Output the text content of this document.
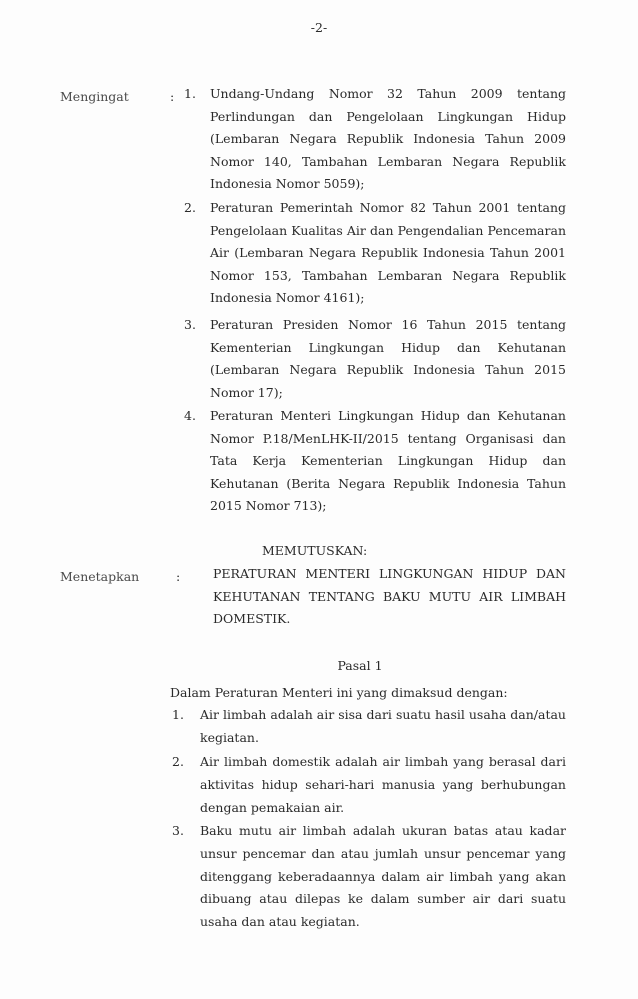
-2-
Mengingat	: 1. Undang-Undang Nomor 32 Tahun 2009 tentang Perlindungan dan Pengelolaan Lingkungan Hidup (Lembaran Negara Republik Indonesia Tahun 2009 Nomor 140, Tambahan Lembaran Negara Republik Indonesia Nomor 5059);
2. Peraturan Pemerintah Nomor 82 Tahun 2001 tentang Pengelolaan Kualitas Air dan Pengendalian Pencemaran Air (Lembaran Negara Republik Indonesia Tahun 2001 Nomor 153, Tambahan Lembaran Negara Republik Indonesia Nomor 4161);
3. Peraturan Presiden Nomor 16 Tahun 2015 tentang Kementerian Lingkungan Hidup dan Kehutanan (Lembaran Negara Republik Indonesia Tahun 2015 Nomor 17);
4. Peraturan Menteri Lingkungan Hidup dan Kehutanan Nomor P.18/MenLHK-II/2015 tentang Organisasi dan Tata Kerja Kementerian Lingkungan Hidup dan Kehutanan (Berita Negara Republik Indonesia Tahun 2015 Nomor 713);
MEMUTUSKAN:
Menetapkan	:	PERATURAN MENTERI LINGKUNGAN HIDUP DAN KEHUTANAN TENTANG BAKU MUTU AIR LIMBAH DOMESTIK.
Pasal 1
Dalam Peraturan Menteri ini yang dimaksud dengan:
1. Air limbah adalah air sisa dari suatu hasil usaha dan/atau kegiatan.
2. Air limbah domestik adalah air limbah yang berasal dari aktivitas hidup sehari-hari manusia yang berhubungan dengan pemakaian air.
3. Baku mutu air limbah adalah ukuran batas atau kadar unsur pencemar dan atau jumlah unsur pencemar yang ditenggang keberadaannya dalam air limbah yang akan dibuang atau dilepas ke dalam sumber air dari suatu usaha dan atau kegiatan.
